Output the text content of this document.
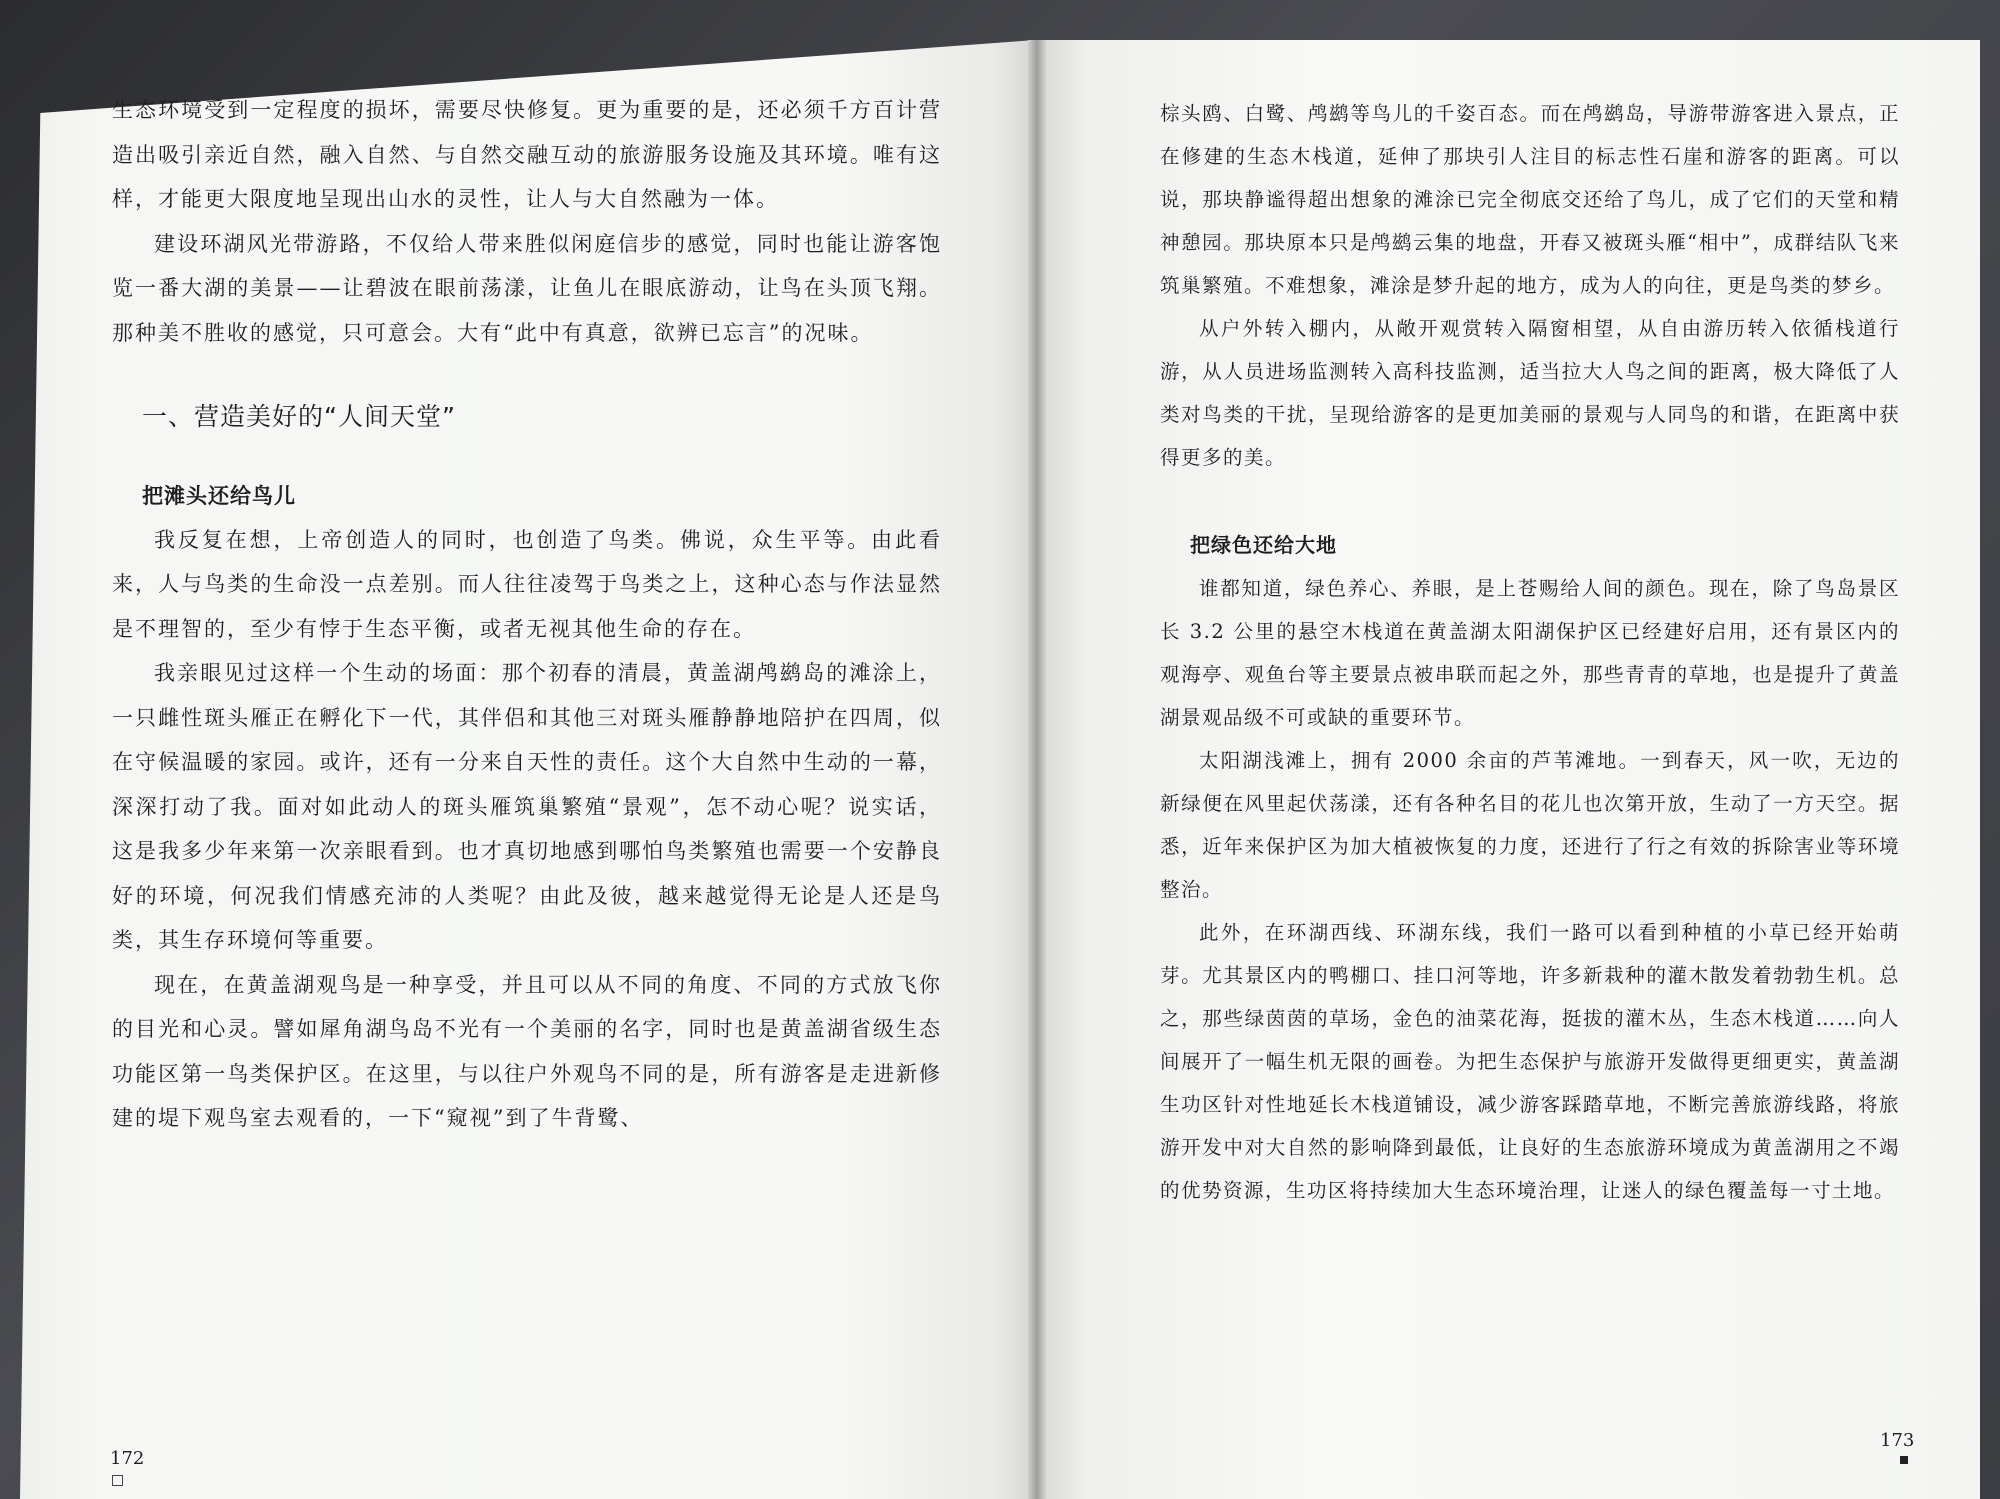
生态环境受到一定程度的损坏，需要尽快修复。更为重要的是，还必须千方百计营造出吸引亲近自然，融入自然、与自然交融互动的旅游服务设施及其环境。唯有这样，才能更大限度地呈现出山水的灵性，让人与大自然融为一体。

建设环湖风光带游路，不仅给人带来胜似闲庭信步的感觉，同时也能让游客饱览一番大湖的美景——让碧波在眼前荡漾，让鱼儿在眼底游动，让鸟在头顶飞翔。那种美不胜收的感觉，只可意会。大有“此中有真意，欲辨已忘言”的况味。

一、营造美好的“人间天堂”
把滩头还给鸟儿

我反复在想，上帝创造人的同时，也创造了鸟类。佛说，众生平等。由此看来，人与鸟类的生命没一点差别。而人往往凌驾于鸟类之上，这种心态与作法显然是不理智的，至少有悖于生态平衡，或者无视其他生命的存在。

我亲眼见过这样一个生动的场面：那个初春的清晨，黄盖湖鸬鹚岛的滩涂上，一只雌性斑头雁正在孵化下一代，其伴侣和其他三对斑头雁静静地陪护在四周，似在守候温暖的家园。或许，还有一分来自天性的责任。这个大自然中生动的一幕，深深打动了我。面对如此动人的斑头雁筑巢繁殖“景观”，怎不动心呢？说实话，这是我多少年来第一次亲眼看到。也才真切地感到哪怕鸟类繁殖也需要一个安静良好的环境，何况我们情感充沛的人类呢？由此及彼，越来越觉得无论是人还是鸟类，其生存环境何等重要。

现在，在黄盖湖观鸟是一种享受，并且可以从不同的角度、不同的方式放飞你的目光和心灵。譬如犀角湖鸟岛不光有一个美丽的名字，同时也是黄盖湖省级生态功能区第一鸟类保护区。在这里，与以往户外观鸟不同的是，所有游客是走进新修建的堤下观鸟室去观看的，一下“窥视”到了牛背鹭、

172

棕头鸥、白鹭、鸬鹚等鸟儿的千姿百态。而在鸬鹚岛，导游带游客进入景点，正在修建的生态木栈道，延伸了那块引人注目的标志性石崖和游客的距离。可以说，那块静谧得超出想象的滩涂已完全彻底交还给了鸟儿，成了它们的天堂和精神憩园。那块原本只是鸬鹚云集的地盘，开春又被斑头雁“相中”，成群结队飞来筑巢繁殖。不难想象，滩涂是梦升起的地方，成为人的向往，更是鸟类的梦乡。

从户外转入棚内，从敞开观赏转入隔窗相望，从自由游历转入依循栈道行游，从人员进场监测转入高科技监测，适当拉大人鸟之间的距离，极大降低了人类对鸟类的干扰，呈现给游客的是更加美丽的景观与人同鸟的和谐，在距离中获得更多的美。

把绿色还给大地

谁都知道，绿色养心、养眼，是上苍赐给人间的颜色。现在，除了鸟岛景区长 3.2 公里的悬空木栈道在黄盖湖太阳湖保护区已经建好启用，还有景区内的观海亭、观鱼台等主要景点被串联而起之外，那些青青的草地，也是提升了黄盖湖景观品级不可或缺的重要环节。

太阳湖浅滩上，拥有 2000 余亩的芦苇滩地。一到春天，风一吹，无边的新绿便在风里起伏荡漾，还有各种名目的花儿也次第开放，生动了一方天空。据悉，近年来保护区为加大植被恢复的力度，还进行了行之有效的拆除害业等环境整治。

此外，在环湖西线、环湖东线，我们一路可以看到种植的小草已经开始萌芽。尤其景区内的鸭棚口、挂口河等地，许多新栽种的灌木散发着勃勃生机。总之，那些绿茵茵的草场，金色的油菜花海，挺拔的灌木丛，生态木栈道……向人间展开了一幅生机无限的画卷。为把生态保护与旅游开发做得更细更实，黄盖湖生功区针对性地延长木栈道铺设，减少游客踩踏草地，不断完善旅游线路，将旅游开发中对大自然的影响降到最低，让良好的生态旅游环境成为黄盖湖用之不竭的优势资源，生功区将持续加大生态环境治理，让迷人的绿色覆盖每一寸土地。

173
